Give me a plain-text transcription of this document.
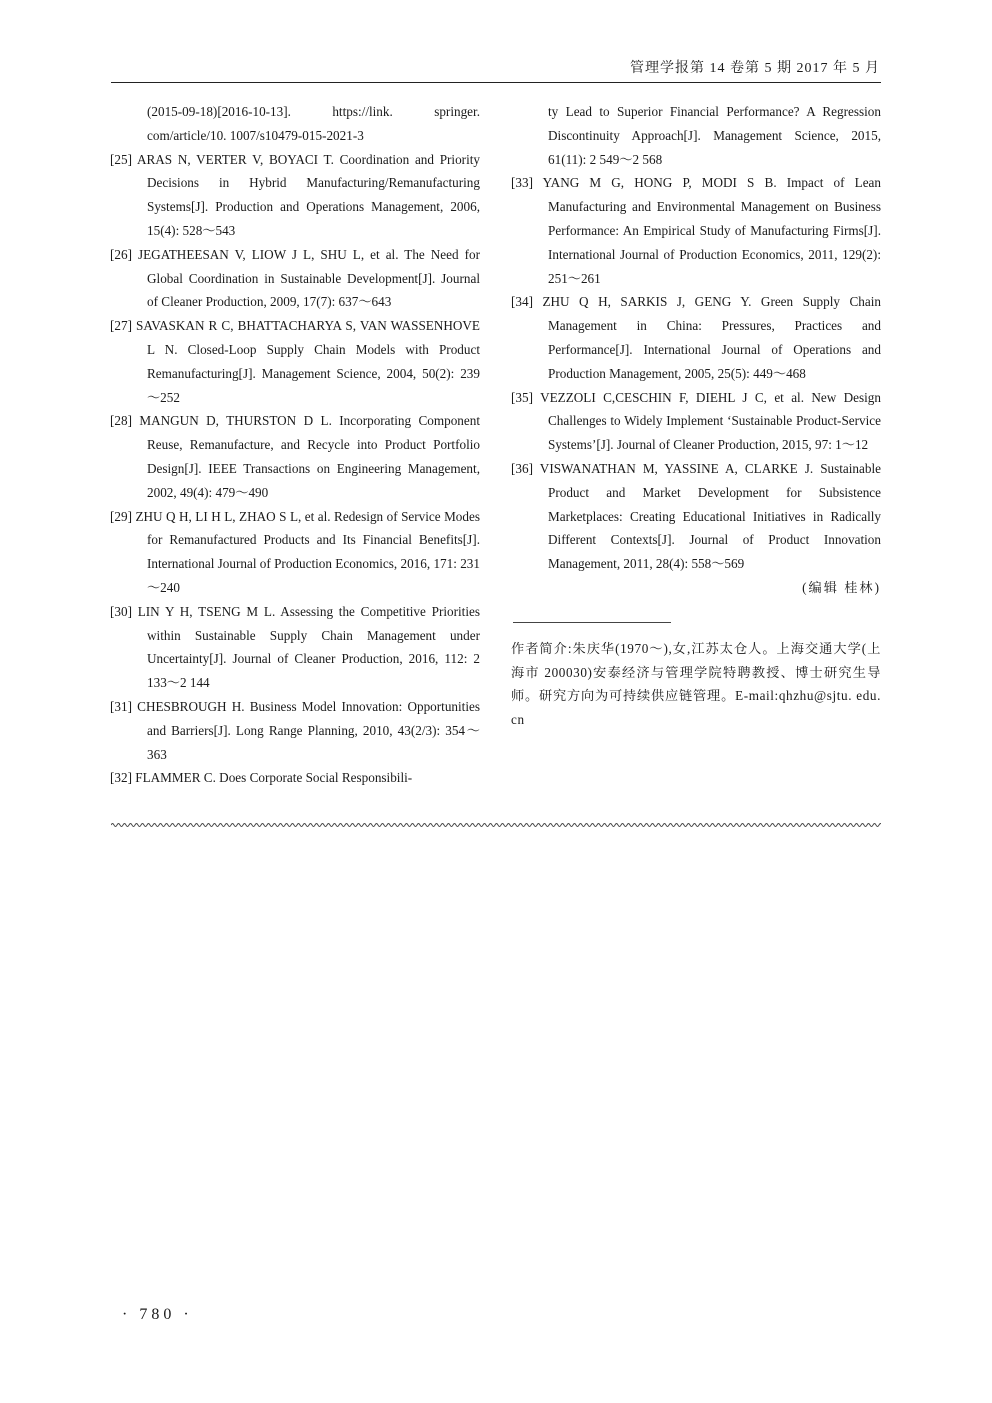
管理学报第 14 卷第 5 期 2017 年 5 月
(2015-09-18)[2016-10-13]. https://link. springer. com/article/10. 1007/s10479-015-2021-3
[25] ARAS N, VERTER V, BOYACI T. Coordination and Priority Decisions in Hybrid Manufacturing/Remanufacturing Systems[J]. Production and Operations Management, 2006, 15(4): 528～543
[26] JEGATHEESAN V, LIOW J L, SHU L, et al. The Need for Global Coordination in Sustainable Development[J]. Journal of Cleaner Production, 2009, 17(7): 637～643
[27] SAVASKAN R C, BHATTACHARYA S, VAN WASSENHOVE L N. Closed-Loop Supply Chain Models with Product Remanufacturing[J]. Management Science, 2004, 50(2): 239～252
[28] MANGUN D, THURSTON D L. Incorporating Component Reuse, Remanufacture, and Recycle into Product Portfolio Design[J]. IEEE Transactions on Engineering Management, 2002, 49(4): 479～490
[29] ZHU Q H, LI H L, ZHAO S L, et al. Redesign of Service Modes for Remanufactured Products and Its Financial Benefits[J]. International Journal of Production Economics, 2016, 171: 231～240
[30] LIN Y H, TSENG M L. Assessing the Competitive Priorities within Sustainable Supply Chain Management under Uncertainty[J]. Journal of Cleaner Production, 2016, 112: 2 133～2 144
[31] CHESBROUGH H. Business Model Innovation: Opportunities and Barriers[J]. Long Range Planning, 2010, 43(2/3): 354～363
[32] FLAMMER C. Does Corporate Social Responsibili-
ty Lead to Superior Financial Performance? A Regression Discontinuity Approach[J]. Management Science, 2015, 61(11): 2 549～2 568
[33] YANG M G, HONG P, MODI S B. Impact of Lean Manufacturing and Environmental Management on Business Performance: An Empirical Study of Manufacturing Firms[J]. International Journal of Production Economics, 2011, 129(2): 251～261
[34] ZHU Q H, SARKIS J, GENG Y. Green Supply Chain Management in China: Pressures, Practices and Performance[J]. International Journal of Operations and Production Management, 2005, 25(5): 449～468
[35] VEZZOLI C,CESCHIN F, DIEHL J C, et al. New Design Challenges to Widely Implement ‘Sustainable Product-Service Systems’[J]. Journal of Cleaner Production, 2015, 97: 1～12
[36] VISWANATHAN M, YASSINE A, CLARKE J. Sustainable Product and Market Development for Subsistence Marketplaces: Creating Educational Initiatives in Radically Different Contexts[J]. Journal of Product Innovation Management, 2011, 28(4): 558～569
(编辑 桂林)
作者简介:朱庆华(1970～),女,江苏太仓人。上海交通大学(上海市 200030)安泰经济与管理学院特聘教授、博士研究生导师。研究方向为可持续供应链管理。E-mail:qhzhu@sjtu. edu. cn
· 780 ·
